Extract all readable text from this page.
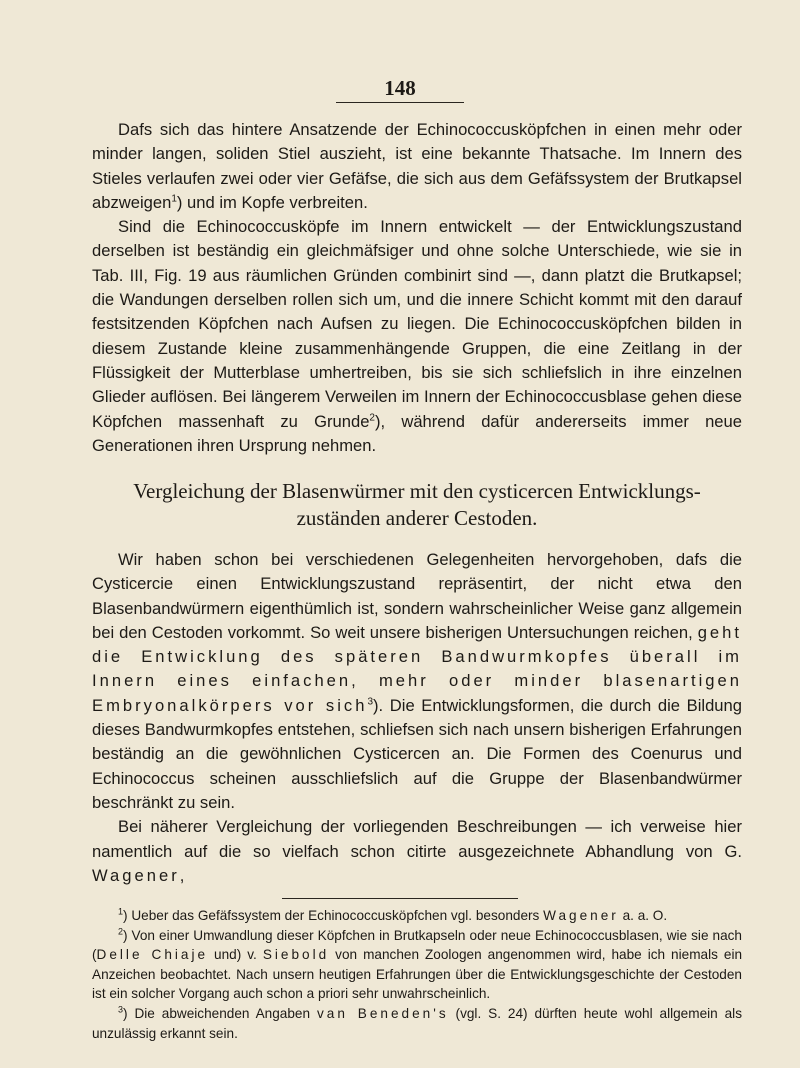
148

Dafs sich das hintere Ansatzende der Echinococcusköpfchen in einen mehr oder minder langen, soliden Stiel auszieht, ist eine bekannte Thatsache. Im Innern des Stieles verlaufen zwei oder vier Gefäfse, die sich aus dem Gefäfssystem der Brutkapsel abzweigen$^1$) und im Kopfe verbreiten.

Sind die Echinococcusköpfe im Innern entwickelt — der Entwicklungszustand derselben ist beständig ein gleichmäfsiger und ohne solche Unterschiede, wie sie in Tab. III, Fig. 19 aus räumlichen Gründen combinirt sind —, dann platzt die Brutkapsel; die Wandungen derselben rollen sich um, und die innere Schicht kommt mit den darauf festsitzenden Köpfchen nach Aufsen zu liegen. Die Echinococcusköpfchen bilden in diesem Zustande kleine zusammenhängende Gruppen, die eine Zeitlang in der Flüssigkeit der Mutterblase umhertreiben, bis sie sich schliefslich in ihre einzelnen Glieder auflösen. Bei längerem Verweilen im Innern der Echinococcusblase gehen diese Köpfchen massenhaft zu Grunde$^2$), während dafür andererseits immer neue Generationen ihren Ursprung nehmen.

Vergleichung der Blasenwürmer mit den cysticercen Entwicklungs-
zuständen anderer Cestoden.

Wir haben schon bei verschiedenen Gelegenheiten hervorgehoben, dafs die Cysticercie einen Entwicklungszustand repräsentirt, der nicht etwa den Blasenbandwürmern eigenthümlich ist, sondern wahrscheinlicher Weise ganz allgemein bei den Cestoden vorkommt. So weit unsere bisherigen Untersuchungen reichen, geht die Entwicklung des späteren Bandwurmkopfes überall im Innern eines einfachen, mehr oder minder blasenartigen Embryonalkörpers vor sich$^3$). Die Entwicklungsformen, die durch die Bildung dieses Bandwurmkopfes entstehen, schliefsen sich nach unsern bisherigen Erfahrungen beständig an die gewöhnlichen Cysticercen an. Die Formen des Coenurus und Echinococcus scheinen ausschliefslich auf die Gruppe der Blasenbandwürmer beschränkt zu sein.

Bei näherer Vergleichung der vorliegenden Beschreibungen — ich verweise hier namentlich auf die so vielfach schon citirte ausgezeichnete Abhandlung von G. Wagener,

$^1$) Ueber das Gefäfssystem der Echinococcusköpfchen vgl. besonders Wagener a. a. O.

$^2$) Von einer Umwandlung dieser Köpfchen in Brutkapseln oder neue Echinococcusblasen, wie sie nach (Delle Chiaje und) v. Siebold von manchen Zoologen angenommen wird, habe ich niemals ein Anzeichen beobachtet. Nach unsern heutigen Erfahrungen über die Entwicklungsgeschichte der Cestoden ist ein solcher Vorgang auch schon a priori sehr unwahrscheinlich.

$^3$) Die abweichenden Angaben van Beneden's (vgl. S. 24) dürften heute wohl allgemein als unzulässig erkannt sein.
